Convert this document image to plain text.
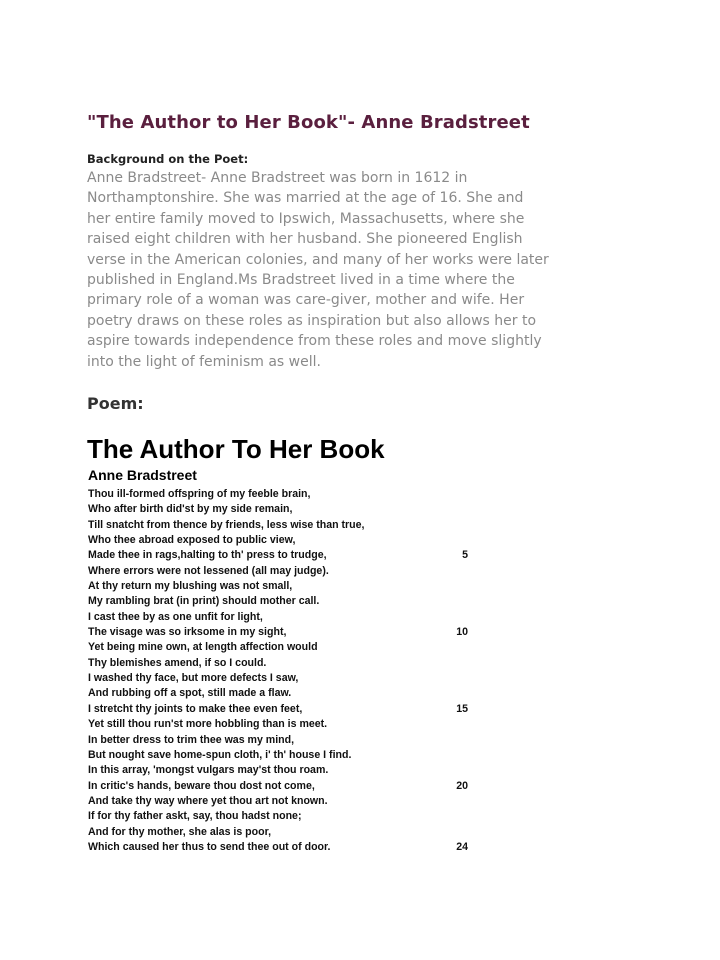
"The Author to Her Book"- Anne Bradstreet
Background on the Poet:

Anne Bradstreet- Anne Bradstreet was born in 1612 in
Northamptonshire. She was married at the age of 16. She and
her entire family moved to Ipswich, Massachusetts, where she
raised eight children with her husband. She pioneered English
verse in the American colonies, and many of her works were later
published in England.Ms Bradstreet lived in a time where the
primary role of a woman was care-giver, mother and wife. Her
poetry draws on these roles as inspiration but also allows her to
aspire towards independence from these roles and move slightly
into the light of feminism as well.

Poem:
The Author To Her Book
Anne Bradstreet
Thou ill-formed offspring of my feeble brain,
Who after birth did'st by my side remain,
Till snatcht from thence by friends, less wise than true,
Who thee abroad exposed to public view,
Made thee in rags,halting to th' press to trudge,	5
Where errors were not lessened (all may judge).
At thy return my blushing was not small,
My rambling brat (in print) should mother call.
I cast thee by as one unfit for light,
The visage was so irksome in my sight,	10
Yet being mine own, at length affection would
Thy blemishes amend, if so I could.
I washed thy face, but more defects I saw,
And rubbing off a spot, still made a flaw.
I stretcht thy joints to make thee even feet,	15
Yet still thou run'st more hobbling than is meet.
In better dress to trim thee was my mind,
But nought save home-spun cloth, i' th' house I find.
In this array, 'mongst vulgars may'st thou roam.
In critic's hands, beware thou dost not come,	20
And take thy way where yet thou art not known.
If for thy father askt, say, thou hadst none;
And for thy mother, she alas is poor,
Which caused her thus to send thee out of door.	24
